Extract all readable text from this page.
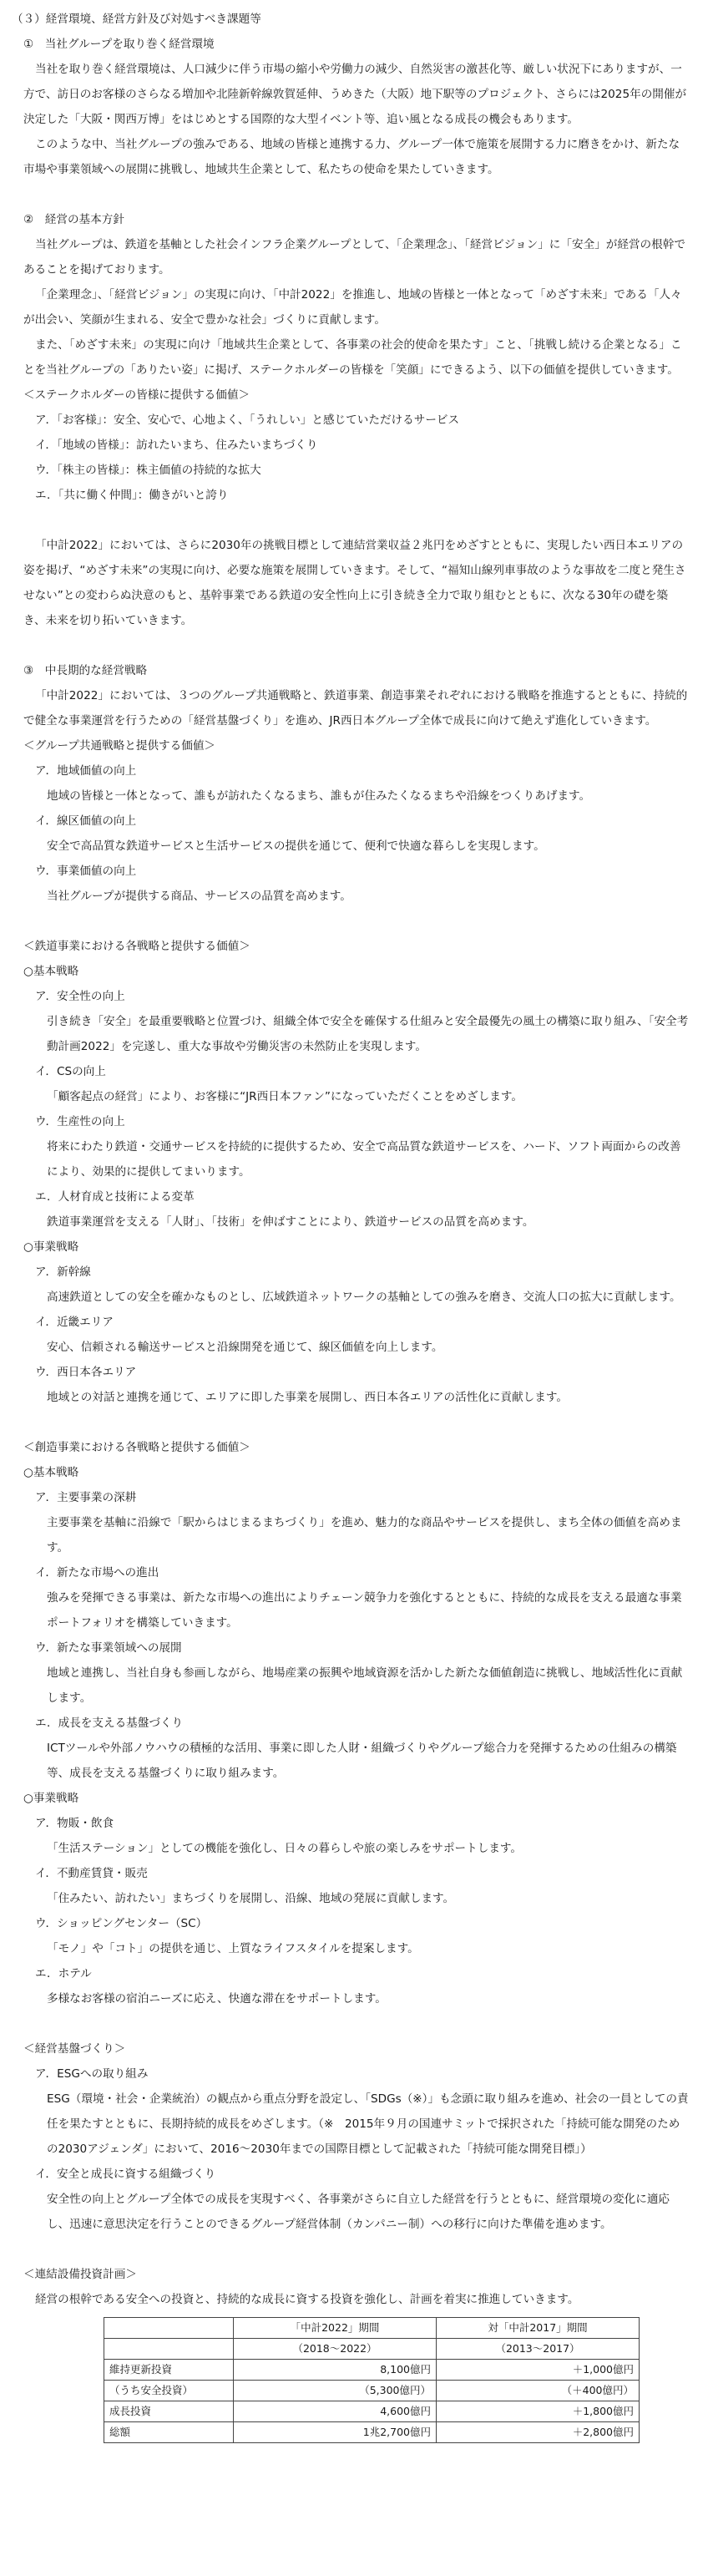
（３）経営環境、経営方針及び対処すべき課題等

①　当社グループを取り巻く経営環境

当社を取り巻く経営環境は、人口減少に伴う市場の縮小や労働力の減少、自然災害の激甚化等、厳しい状況下にありますが、一方で、訪日のお客様のさらなる増加や北陸新幹線敦賀延伸、うめきた（大阪）地下駅等のプロジェクト、さらには2025年の開催が決定した「大阪・関西万博」をはじめとする国際的な大型イベント等、追い風となる成長の機会もあります。

このような中、当社グループの強みである、地域の皆様と連携する力、グループ一体で施策を展開する力に磨きをかけ、新たな市場や事業領域への展開に挑戦し、地域共生企業として、私たちの使命を果たしていきます。

②　経営の基本方針

当社グループは、鉄道を基軸とした社会インフラ企業グループとして、「企業理念」、「経営ビジョン」に「安全」が経営の根幹であることを掲げております。

「企業理念」、「経営ビジョン」の実現に向け、「中計2022」を推進し、地域の皆様と一体となって「めざす未来」である「人々が出会い、笑顔が生まれる、安全で豊かな社会」づくりに貢献します。

また、「めざす未来」の実現に向け「地域共生企業として、各事業の社会的使命を果たす」こと、「挑戦し続ける企業となる」ことを当社グループの「ありたい姿」に掲げ、ステークホルダーの皆様を「笑顔」にできるよう、以下の価値を提供していきます。

＜ステークホルダーの皆様に提供する価値＞

ア．「お客様」：安全、安心で、心地よく、「うれしい」と感じていただけるサービス

イ．「地域の皆様」：訪れたいまち、住みたいまちづくり

ウ．「株主の皆様」：株主価値の持続的な拡大

エ．「共に働く仲間」：働きがいと誇り

「中計2022」においては、さらに2030年の挑戦目標として連結営業収益２兆円をめざすとともに、実現したい西日本エリアの姿を掲げ、“めざす未来”の実現に向け、必要な施策を展開していきます。そして、“福知山線列車事故のような事故を二度と発生させない”との変わらぬ決意のもと、基幹事業である鉄道の安全性向上に引き続き全力で取り組むとともに、次なる30年の礎を築き、未来を切り拓いていきます。

③　中長期的な経営戦略

「中計2022」においては、３つのグループ共通戦略と、鉄道事業、創造事業それぞれにおける戦略を推進するとともに、持続的で健全な事業運営を行うための「経営基盤づくり」を進め、JR西日本グループ全体で成長に向けて絶えず進化していきます。

＜グループ共通戦略と提供する価値＞

ア．地域価値の向上

地域の皆様と一体となって、誰もが訪れたくなるまち、誰もが住みたくなるまちや沿線をつくりあげます。

イ．線区価値の向上

安全で高品質な鉄道サービスと生活サービスの提供を通じて、便利で快適な暮らしを実現します。

ウ．事業価値の向上

当社グループが提供する商品、サービスの品質を高めます。

＜鉄道事業における各戦略と提供する価値＞

○基本戦略

ア．安全性の向上

引き続き「安全」を最重要戦略と位置づけ、組織全体で安全を確保する仕組みと安全最優先の風土の構築に取り組み、「安全考動計画2022」を完遂し、重大な事故や労働災害の未然防止を実現します。

イ．CSの向上

「顧客起点の経営」により、お客様に“JR西日本ファン”になっていただくことをめざします。

ウ．生産性の向上

将来にわたり鉄道・交通サービスを持続的に提供するため、安全で高品質な鉄道サービスを、ハード、ソフト両面からの改善により、効果的に提供してまいります。

エ．人材育成と技術による変革

鉄道事業運営を支える「人財」、「技術」を伸ばすことにより、鉄道サービスの品質を高めます。

○事業戦略

ア．新幹線

高速鉄道としての安全を確かなものとし、広域鉄道ネットワークの基軸としての強みを磨き、交流人口の拡大に貢献します。

イ．近畿エリア

安心、信頼される輸送サービスと沿線開発を通じて、線区価値を向上します。

ウ．西日本各エリア

地域との対話と連携を通じて、エリアに即した事業を展開し、西日本各エリアの活性化に貢献します。

＜創造事業における各戦略と提供する価値＞

○基本戦略

ア．主要事業の深耕

主要事業を基軸に沿線で「駅からはじまるまちづくり」を進め、魅力的な商品やサービスを提供し、まち全体の価値を高めます。

イ．新たな市場への進出

強みを発揮できる事業は、新たな市場への進出によりチェーン競争力を強化するとともに、持続的な成長を支える最適な事業ポートフォリオを構築していきます。

ウ．新たな事業領域への展開

地域と連携し、当社自身も参画しながら、地場産業の振興や地域資源を活かした新たな価値創造に挑戦し、地域活性化に貢献します。

エ．成長を支える基盤づくり

ICTツールや外部ノウハウの積極的な活用、事業に即した人財・組織づくりやグループ総合力を発揮するための仕組みの構築等、成長を支える基盤づくりに取り組みます。

○事業戦略

ア．物販・飲食

「生活ステーション」としての機能を強化し、日々の暮らしや旅の楽しみをサポートします。

イ．不動産賃貸・販売

「住みたい、訪れたい」まちづくりを展開し、沿線、地域の発展に貢献します。

ウ．ショッピングセンター（SC）

「モノ」や「コト」の提供を通じ、上質なライフスタイルを提案します。

エ．ホテル

多様なお客様の宿泊ニーズに応え、快適な滞在をサポートします。

＜経営基盤づくり＞

ア．ESGへの取り組み

ESG（環境・社会・企業統治）の観点から重点分野を設定し、「SDGs（※）」も念頭に取り組みを進め、社会の一員としての責任を果たすとともに、長期持続的成長をめざします。（※　2015年９月の国連サミットで採択された「持続可能な開発のための2030アジェンダ」において、2016～2030年までの国際目標として記載された「持続可能な開発目標」）

イ．安全と成長に資する組織づくり

安全性の向上とグループ全体での成長を実現すべく、各事業がさらに自立した経営を行うとともに、経営環境の変化に適応し、迅速に意思決定を行うことのできるグループ経営体制（カンパニー制）への移行に向けた準備を進めます。

＜連結設備投資計画＞

経営の根幹である安全への投資と、持続的な成長に資する投資を強化し、計画を着実に推進していきます。

	「中計2022」期間	対「中計2017」期間
	（2018～2022）	（2013～2017）
維持更新投資	8,100億円	＋1,000億円
（うち安全投資）	（5,300億円）	（＋400億円）
成長投資	4,600億円	＋1,800億円
総額	1兆2,700億円	＋2,800億円
